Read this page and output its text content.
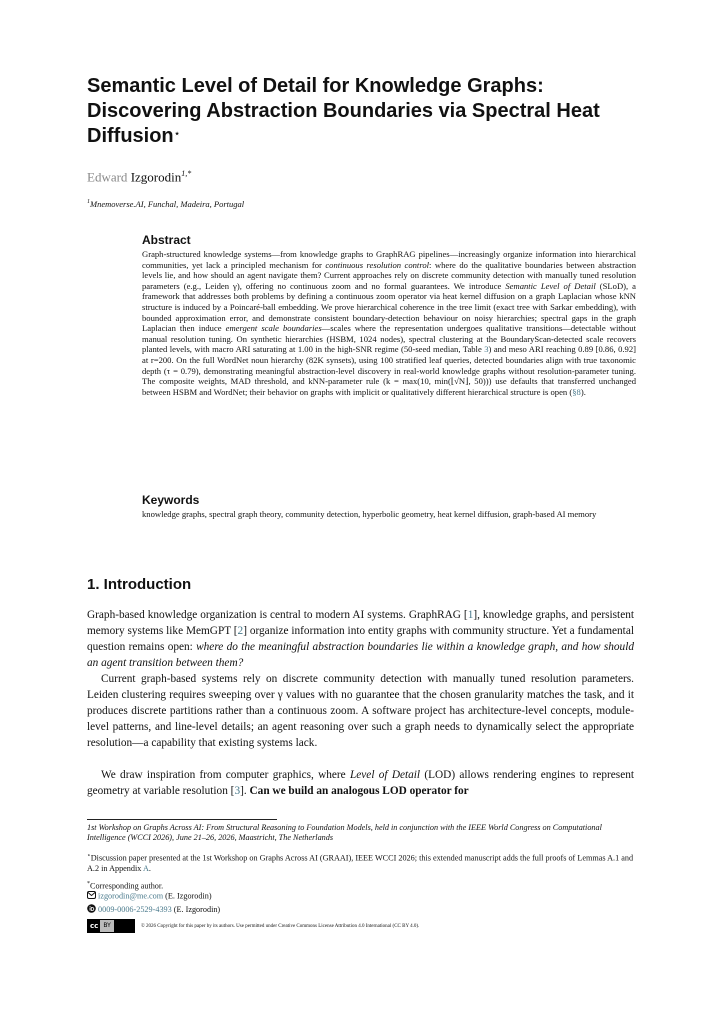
Semantic Level of Detail for Knowledge Graphs: Discovering Abstraction Boundaries via Spectral Heat Diffusion⋆
Edward Izgorodin$^{1,*}$
$^1$Mnemoverse.AI, Funchal, Madeira, Portugal
Abstract

Graph-structured knowledge systems—from knowledge graphs to GraphRAG pipelines—increasingly organize information into hierarchical communities, yet lack a principled mechanism for continuous resolution control: where do the qualitative boundaries between abstraction levels lie, and how should an agent navigate them? Current approaches rely on discrete community detection with manually tuned resolution parameters (e.g., Leiden γ), offering no continuous zoom and no formal guarantees. We introduce Semantic Level of Detail (SLoD), a framework that addresses both problems by defining a continuous zoom operator via heat kernel diffusion on a graph Laplacian whose kNN structure is induced by a Poincaré-ball embedding. We prove hierarchical coherence in the tree limit (exact tree with Sarkar embedding), with bounded approximation error, and demonstrate consistent boundary-detection behaviour on noisy hierarchies; spectral gaps in the graph Laplacian then induce emergent scale boundaries—scales where the representation undergoes qualitative transitions—detectable without manual resolution tuning. On synthetic hierarchies (HSBM, 1024 nodes), spectral clustering at the BoundaryScan-detected scale recovers planted levels, with macro ARI saturating at 1.00 in the high-SNR regime (50-seed median, Table 3) and meso ARI reaching 0.89 [0.86, 0.92] at r=200. On the full WordNet noun hierarchy (82K synsets), using 100 stratified leaf queries, detected boundaries align with true taxonomic depth (τ = 0.79), demonstrating meaningful abstraction-level discovery in real-world knowledge graphs without resolution-parameter tuning. The composite weights, MAD threshold, and kNN-parameter rule (k = max(10, min(⌊√N⌋, 50))) use defaults that transferred unchanged between HSBM and WordNet; their behavior on graphs with implicit or qualitatively different hierarchical structure is open (§8).

Keywords

knowledge graphs, spectral graph theory, community detection, hyperbolic geometry, heat kernel diffusion, graph-based AI memory

1. Introduction

Graph-based knowledge organization is central to modern AI systems. GraphRAG [1], knowledge graphs, and persistent memory systems like MemGPT [2] organize information into entity graphs with community structure. Yet a fundamental question remains open: where do the meaningful abstraction boundaries lie within a knowledge graph, and how should an agent transition between them?

Current graph-based systems rely on discrete community detection with manually tuned resolution parameters. Leiden clustering requires sweeping over γ values with no guarantee that the chosen granularity matches the task, and it produces discrete partitions rather than a continuous zoom. A software project has architecture-level concepts, module-level patterns, and line-level details; an agent reasoning over such a graph needs to dynamically select the appropriate resolution—a capability that existing systems lack.

We draw inspiration from computer graphics, where Level of Detail (LOD) allows rendering engines to represent geometry at variable resolution [3]. Can we build an analogous LOD operator for

1st Workshop on Graphs Across AI: From Structural Reasoning to Foundation Models, held in conjunction with the IEEE World Congress on Computational Intelligence (WCCI 2026), June 21–26, 2026, Maastricht, The Netherlands

⋆Discussion paper presented at the 1st Workshop on Graphs Across AI (GRAAI), IEEE WCCI 2026; this extended manuscript adds the full proofs of Lemmas A.1 and A.2 in Appendix A.

*Corresponding author.

izgorodin@me.com (E. Izgorodin)

0009-0006-2529-4393 (E. Izgorodin)

cc BY	© 2026 Copyright for this paper by its authors. Use permitted under Creative Commons License Attribution 4.0 International (CC BY 4.0).
